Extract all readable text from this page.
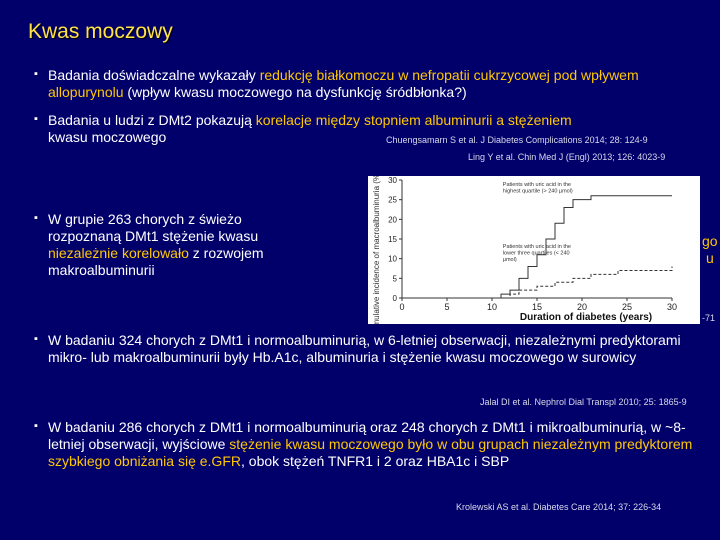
Kwas moczowy
▪ Badania doświadczalne wykazały redukcję białkomoczu w nefropatii cukrzycowej pod wpływem allopurynolu (wpływ kwasu moczowego na dysfunkcję śródbłonka?)
▪ Badania u ludzi z DMt2 pokazują korelacje między stopniem albuminurii a stężeniem
kwasu moczowego	Chuengsamarn S et al. J Diabetes Complications 2014; 28: 124-9
Ling Y et al. Chin Med J (Engl) 2013; 126: 4023-9
▪ W grupie 263 chorych z świeżo rozpoznaną DMt1 stężenie kwasu niezależnie korelowało z rozwojem makroalbuminurii
0	5	10	15	20	25	30
0
5
10
15
20
25
30
Cumulative incidence of macroalbuminuria (%)	Duration of diabetes (years)
Patients with uric acid in the highest quartile (> 240 µmol)
Patients with uric acid in the lower three quartiles (< 240 µmol)
go
u
-71
▪ W badaniu 324 chorych z DMt1 i normoalbuminurią, w 6-letniej obserwacji, niezależnymi predyktorami mikro- lub makroalbuminurii były Hb.A1c, albuminuria i stężenie kwasu moczowego w surowicy
Jalal DI et al. Nephrol Dial Transpl 2010; 25: 1865-9
▪ W badaniu 286 chorych z DMt1 i normoalbuminurią oraz 248 chorych z DMt1 i mikroalbuminurią, w ~8-letniej obserwacji, wyjściowe stężenie kwasu moczowego było w obu grupach niezależnym predyktorem szybkiego obniżania się e.GFR, obok stężeń TNFR1 i 2 oraz HBA1c i SBP
Krolewski AS et al. Diabetes Care 2014; 37: 226-34
